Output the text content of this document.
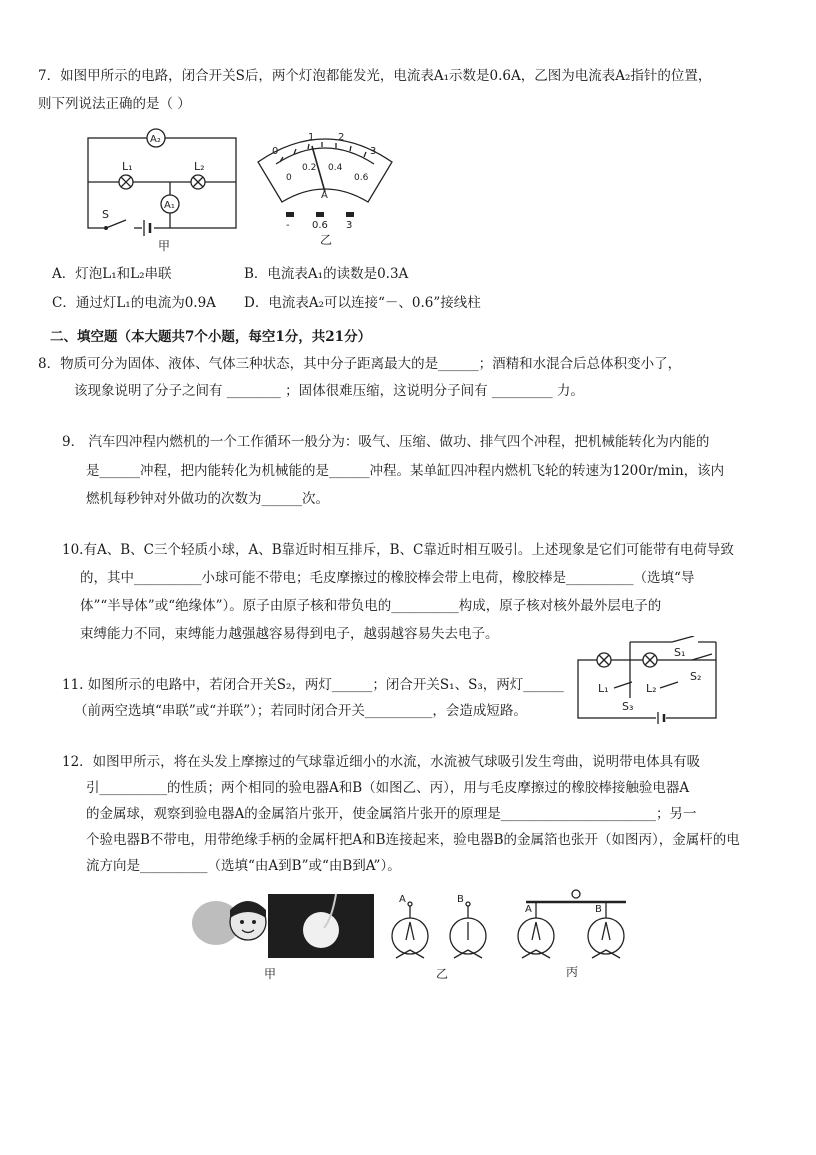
7．如图甲所示的电路，闭合开关S后，两个灯泡都能发光，电流表A₁示数是0.6A，乙图为电流表A₂指针的位置，
则下列说法正确的是（ ）
A₂
L₁	L₂
A₁
S
甲
0
1 2
3
0
0.2 0.4
0.6
A
- 0.6 3
乙
A．灯泡L₁和L₂串联	B．电流表A₁的读数是0.3A
C．通过灯L₁的电流为0.9A D．电流表A₂可以连接“－、0.6”接线柱
二、填空题（本大题共7个小题，每空1分，共21分）
8．物质可分为固体、液体、气体三种状态，其中分子距离最大的是______；酒精和水混合后总体积变小了，
该现象说明了分子之间有 ________ ；固体很难压缩，这说明分子间有 _________ 力。
9． 汽车四冲程内燃机的一个工作循环一般分为：吸气、压缩、做功、排气四个冲程，把机械能转化为内能的
是______冲程，把内能转化为机械能的是______冲程。某单缸四冲程内燃机飞轮的转速为1200r/min，该内
燃机每秒钟对外做功的次数为______次。
10.有A、B、C三个轻质小球，A、B靠近时相互排斥，B、C靠近时相互吸引。上述现象是它们可能带有电荷导致
的，其中__________小球可能不带电；毛皮摩擦过的橡胶棒会带上电荷，橡胶棒是__________（选填“导
体”“半导体”或“绝缘体”）。原子由原子核和带负电的__________构成，原子核对核外最外层电子的
束缚能力不同，束缚能力越强越容易得到电子，越弱越容易失去电子。
11. 如图所示的电路中，若闭合开关S₂，两灯______；闭合开关S₁、S₃，两灯______
（前两空选填“串联”或“并联”）；若同时闭合开关__________，会造成短路。
S₁
L₁	L₂
S₂
S₃
12．如图甲所示，将在头发上摩擦过的气球靠近细小的水流，水流被气球吸引发生弯曲，说明带电体具有吸
引__________的性质；两个相同的验电器A和B（如图乙、丙），用与毛皮摩擦过的橡胶棒接触验电器A
的金属球，观察到验电器A的金属箔片张开，使金属箔片张开的原理是_______________________；另一
个验电器B不带电，用带绝缘手柄的金属杆把A和B连接起来，验电器B的金属箔也张开（如图丙），金属杆的电
流方向是__________（选填“由A到B”或“由B到A”）。
A	B
A	B
甲	乙	丙
